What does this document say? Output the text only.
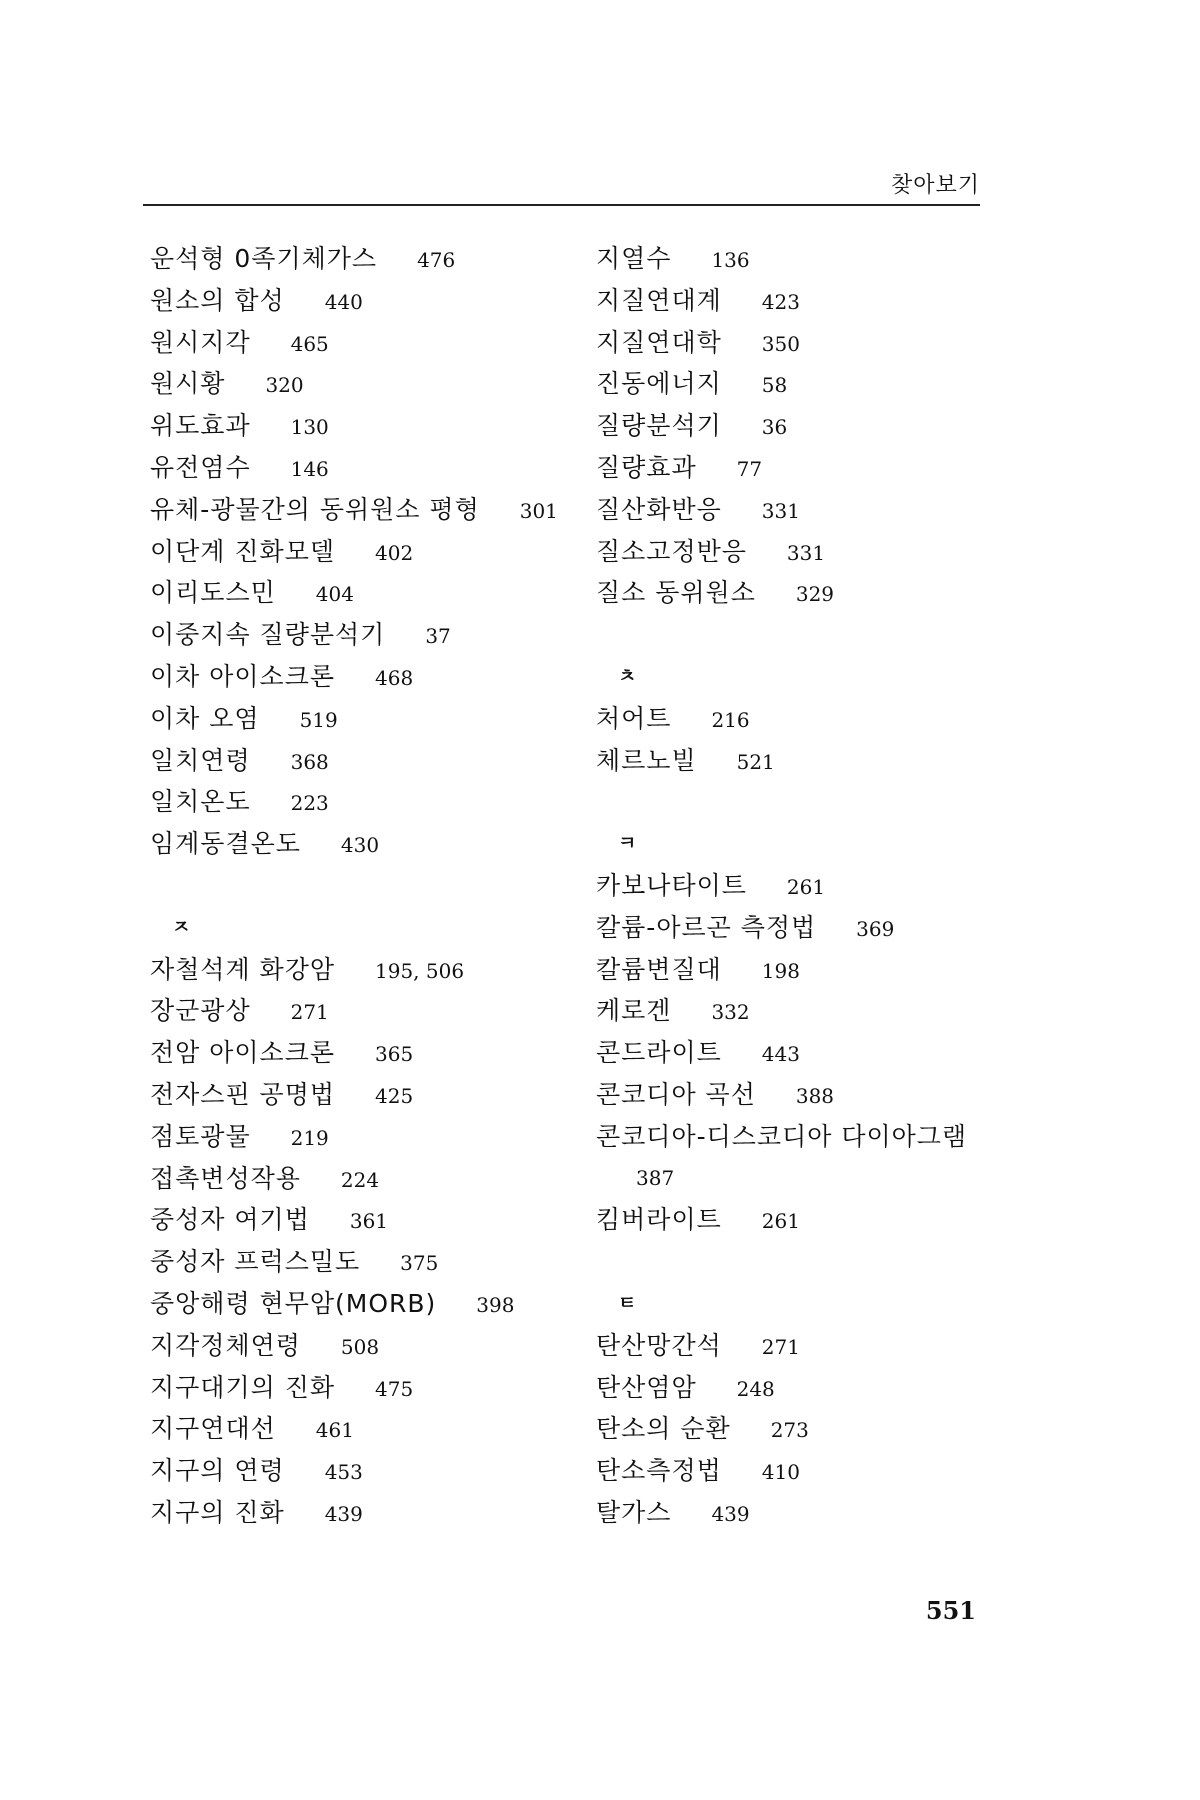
찾아보기
운석형 0족기체가스 476
원소의 합성 440
원시지각 465
원시황 320
위도효과 130
유전염수 146
유체-광물간의 동위원소 평형 301
이단계 진화모델 402
이리도스민 404
이중지속 질량분석기 37
이차 아이소크론 468
이차 오염 519
일치연령 368
일치온도 223
임계동결온도 430
ㅈ
자철석계 화강암 195, 506
장군광상 271
전암 아이소크론 365
전자스핀 공명법 425
점토광물 219
접촉변성작용 224
중성자 여기법 361
중성자 프럭스밀도 375
중앙해령 현무암(MORB) 398
지각정체연령 508
지구대기의 진화 475
지구연대선 461
지구의 연령 453
지구의 진화 439
지열수 136
지질연대계 423
지질연대학 350
진동에너지 58
질량분석기 36
질량효과 77
질산화반응 331
질소고정반응 331
질소 동위원소 329
ㅊ
처어트 216
체르노빌 521
ㅋ
카보나타이트 261
칼륨-아르곤 측정법 369
칼륨변질대 198
케로겐 332
콘드라이트 443
콘코디아 곡선 388
콘코디아-디스코디아 다이아그램
387
킴버라이트 261
ㅌ
탄산망간석 271
탄산염암 248
탄소의 순환 273
탄소측정법 410
탈가스 439
551
